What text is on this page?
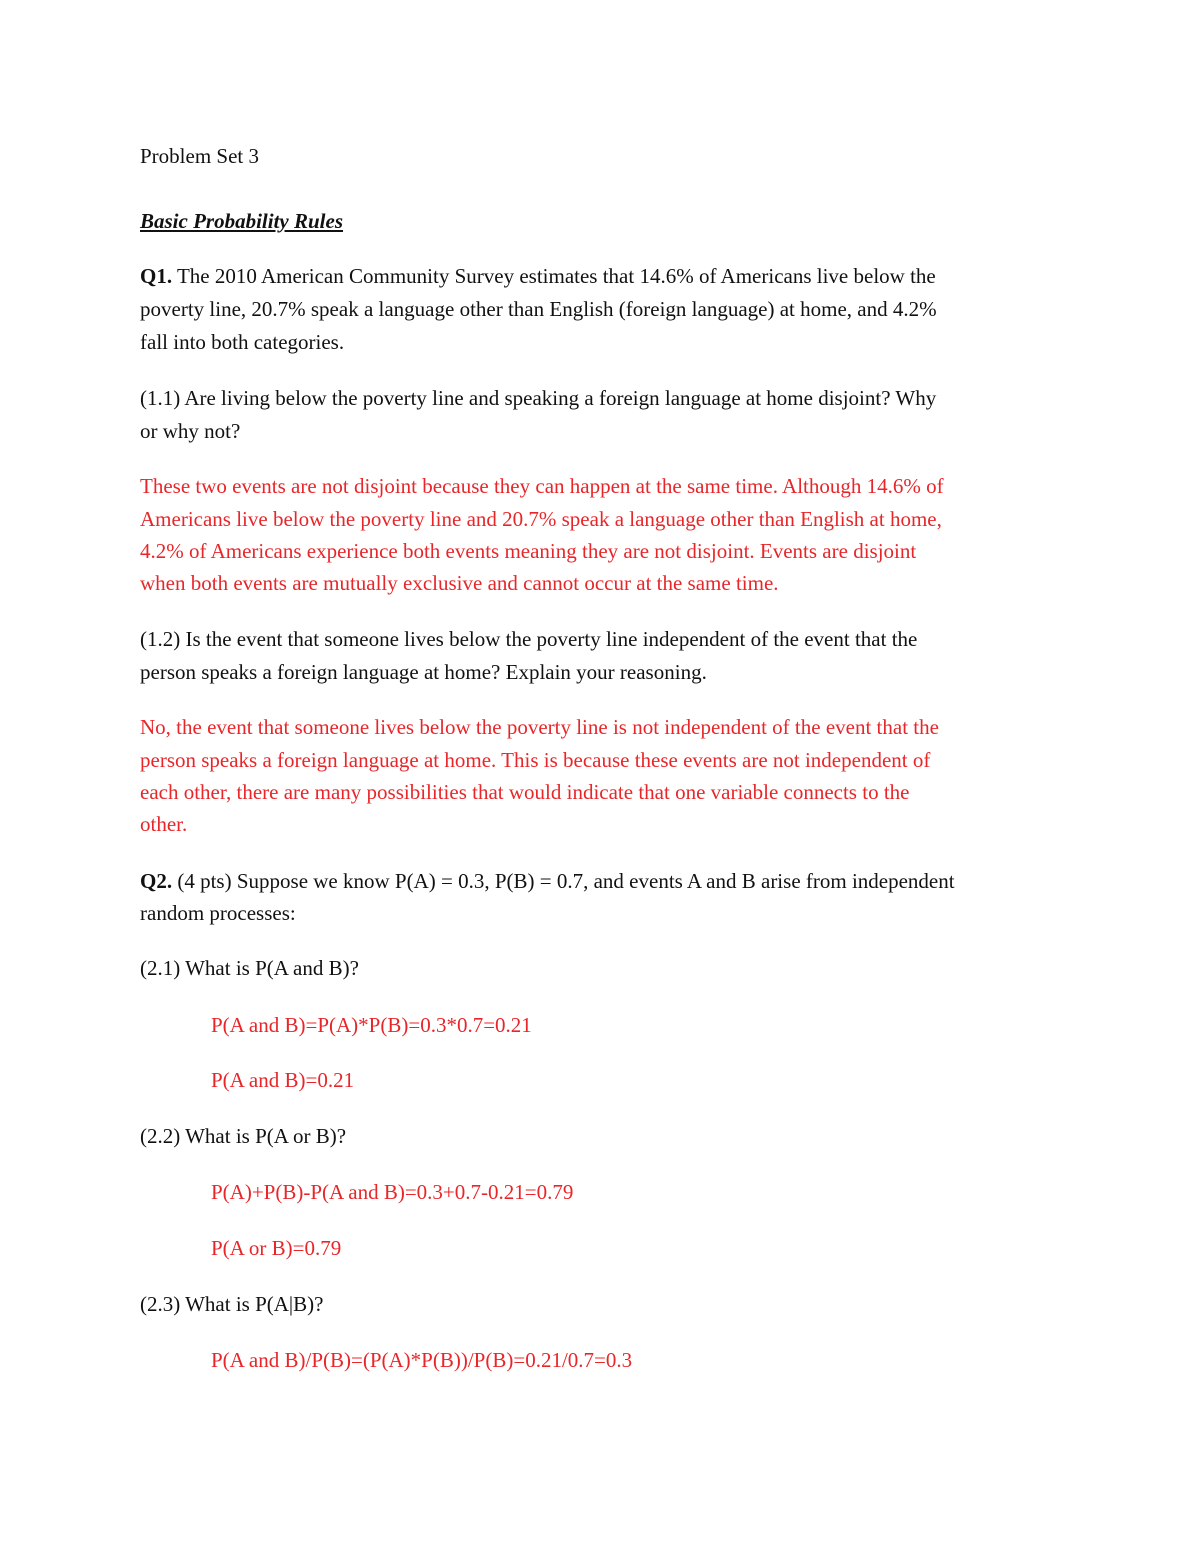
Problem Set 3
Basic Probability Rules
Q1. The 2010 American Community Survey estimates that 14.6% of Americans live below the
poverty line, 20.7% speak a language other than English (foreign language) at home, and 4.2%
fall into both categories.
(1.1) Are living below the poverty line and speaking a foreign language at home disjoint? Why
or why not?
These two events are not disjoint because they can happen at the same time. Although 14.6% of
Americans live below the poverty line and 20.7% speak a language other than English at home,
4.2% of Americans experience both events meaning they are not disjoint. Events are disjoint
when both events are mutually exclusive and cannot occur at the same time.
(1.2) Is the event that someone lives below the poverty line independent of the event that the
person speaks a foreign language at home? Explain your reasoning.
No, the event that someone lives below the poverty line is not independent of the event that the
person speaks a foreign language at home. This is because these events are not independent of
each other, there are many possibilities that would indicate that one variable connects to the
other.
Q2. (4 pts) Suppose we know P(A) = 0.3, P(B) = 0.7, and events A and B arise from independent
random processes:
(2.1) What is P(A and B)?
P(A and B)=P(A)*P(B)=0.3*0.7=0.21
P(A and B)=0.21
(2.2) What is P(A or B)?
P(A)+P(B)-P(A and B)=0.3+0.7-0.21=0.79
P(A or B)=0.79
(2.3) What is P(A|B)?
P(A and B)/P(B)=(P(A)*P(B))/P(B)=0.21/0.7=0.3
